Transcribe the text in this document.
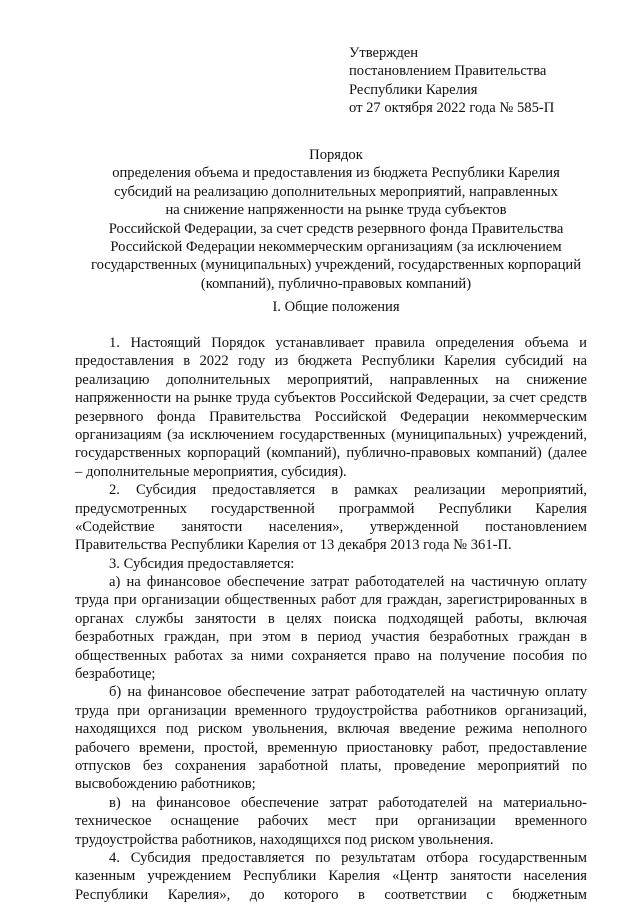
Утвержден
постановлением Правительства
Республики Карелия
от 27 октября 2022 года № 585-П
Порядок
определения объема и предоставления из бюджета Республики Карелия
субсидий на реализацию дополнительных мероприятий, направленных
на снижение напряженности на рынке труда субъектов
Российской Федерации, за счет средств резервного фонда Правительства
Российской Федерации некоммерческим организациям (за исключением
государственных (муниципальных) учреждений, государственных корпораций
(компаний), публично-правовых компаний)
I. Общие положения
1. Настоящий Порядок устанавливает правила определения объема и
предоставления в 2022 году из бюджета Республики Карелия субсидий на
реализацию дополнительных мероприятий, направленных на снижение
напряженности на рынке труда субъектов Российской Федерации, за счет средств
резервного фонда Правительства Российской Федерации некоммерческим
организациям (за исключением государственных (муниципальных) учреждений,
государственных корпораций (компаний), публично-правовых компаний) (далее
– дополнительные мероприятия, субсидия).
2. Субсидия предоставляется в рамках реализации мероприятий,
предусмотренных государственной программой Республики Карелия
«Содействие занятости населения», утвержденной постановлением
Правительства Республики Карелия от 13 декабря 2013 года № 361-П.
3. Субсидия предоставляется:
а) на финансовое обеспечение затрат работодателей на частичную оплату
труда при организации общественных работ для граждан, зарегистрированных в
органах службы занятости в целях поиска подходящей работы, включая
безработных граждан, при этом в период участия безработных граждан в
общественных работах за ними сохраняется право на получение пособия по
безработице;
б) на финансовое обеспечение затрат работодателей на частичную оплату
труда при организации временного трудоустройства работников организаций,
находящихся под риском увольнения, включая введение режима неполного
рабочего времени, простой, временную приостановку работ, предоставление
отпусков без сохранения заработной платы, проведение мероприятий по
высвобождению работников;
в) на финансовое обеспечение затрат работодателей на материально-
техническое оснащение рабочих мест при организации временного
трудоустройства работников, находящихся под риском увольнения.
4. Субсидия предоставляется по результатам отбора государственным
казенным учреждением Республики Карелия «Центр занятости населения
Республики Карелия», до которого в соответствии с бюджетным
